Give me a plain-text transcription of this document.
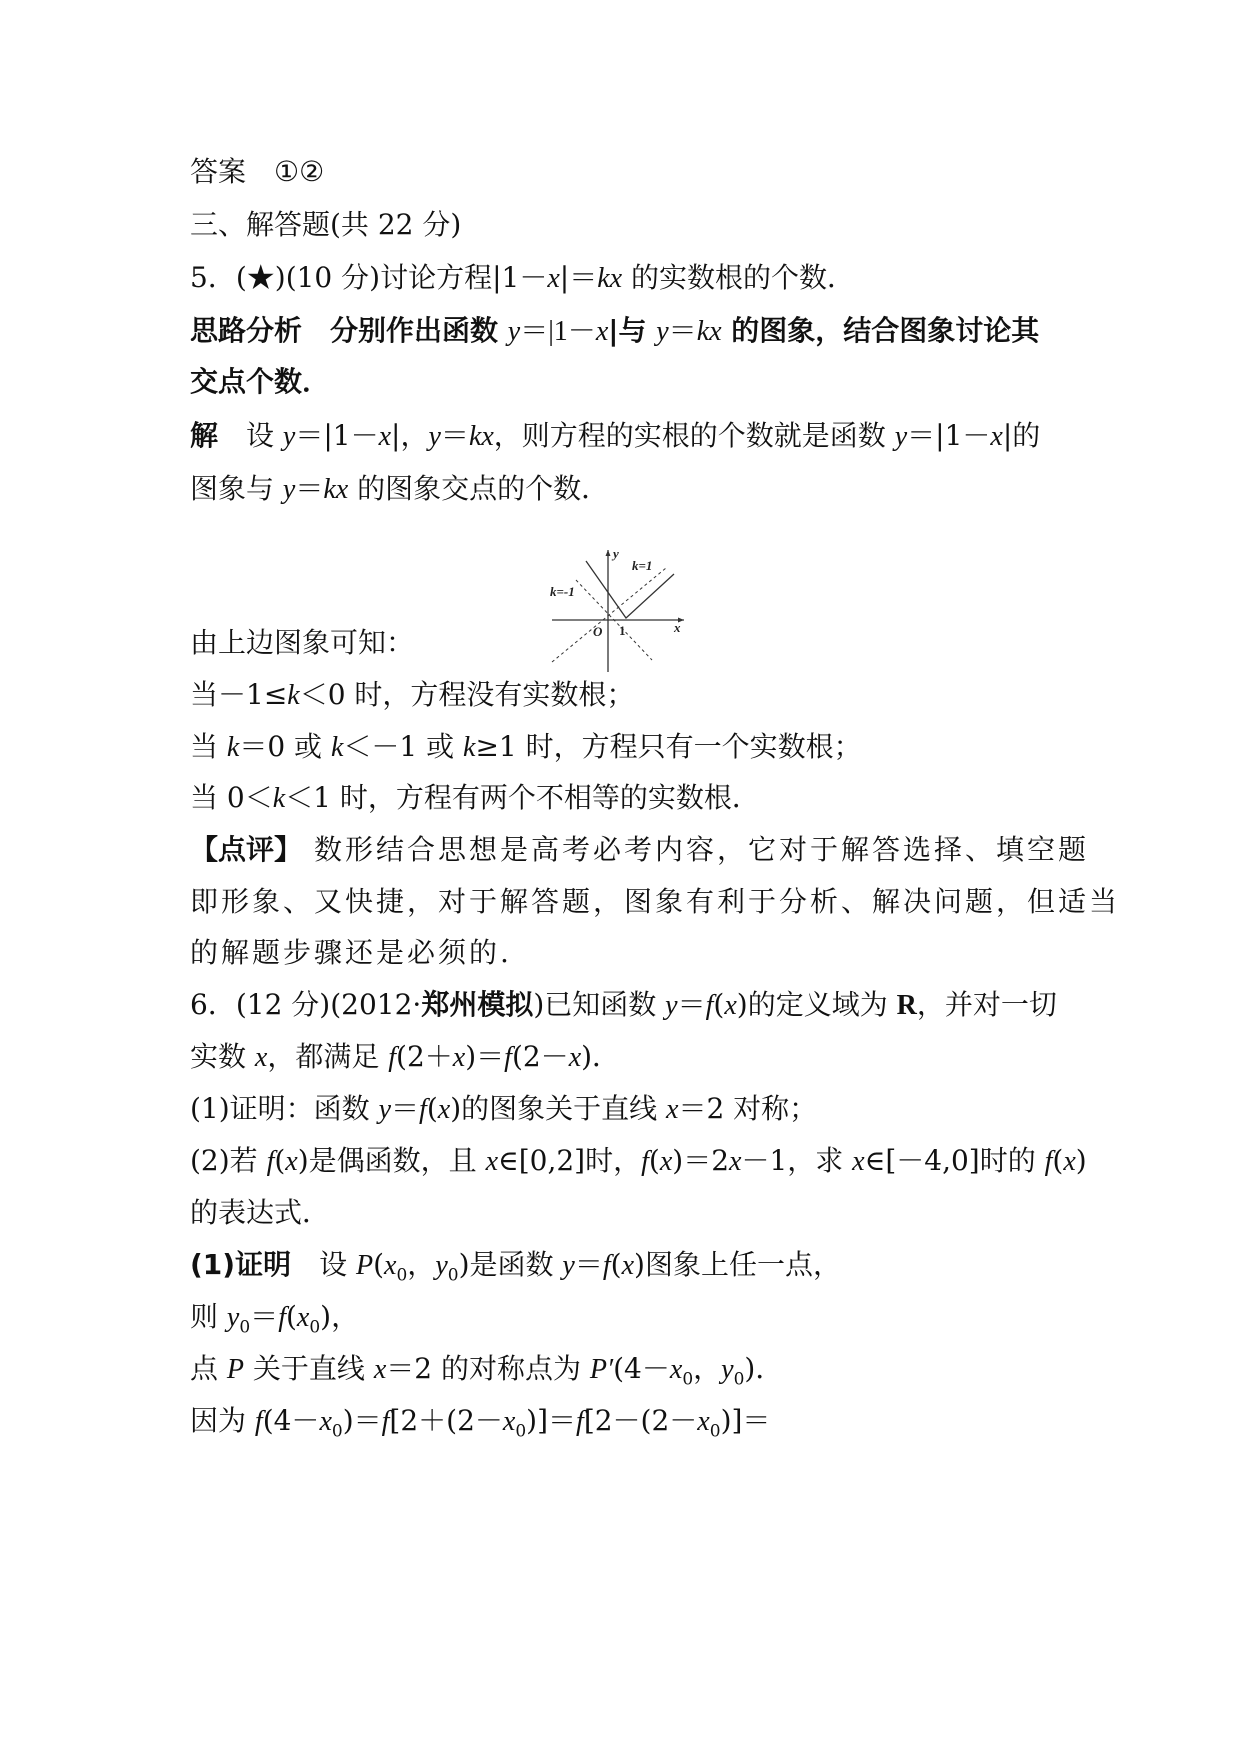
答案 ①②
三、解答题(共 22 分)
5．(★)(10 分)讨论方程|1－x|＝kx 的实数根的个数．
思路分析 分别作出函数 y＝|1－x|与 y＝kx 的图象，结合图象讨论其
交点个数．
解 设 y＝|1－x|，y＝kx，则方程的实根的个数就是函数 y＝|1－x|的
图象与 y＝kx 的图象交点的个数．
y
x
k=1
k=-1
O 1
由上边图象可知：
当－1≤k＜0 时，方程没有实数根；
当 k＝0 或 k＜－1 或 k≥1 时，方程只有一个实数根；
当 0＜k＜1 时，方程有两个不相等的实数根．
【点评】 数形结合思想是高考必考内容，它对于解答选择、填空题
即形象、又快捷，对于解答题，图象有利于分析、解决问题，但适当
的解题步骤还是必须的.
6．(12 分)(2012·郑州模拟)已知函数 y＝f(x)的定义域为 R，并对一切
实数 x，都满足 f(2＋x)＝f(2－x)．
(1)证明：函数 y＝f(x)的图象关于直线 x＝2 对称；
(2)若 f(x)是偶函数，且 x∈[0,2]时，f(x)＝2x－1，求 x∈[－4,0]时的 f(x)
的表达式．
(1)证明 设 $P(x_0$，$y_0$)是函数 y＝f(x)图象上任一点，
则 $y_0=f(x_0)$，
点 P 关于直线 x＝2 的对称点为 $P'(4-x_0$，$y_0$)．
因为 $f(4-x_0)=f[2+(2-x_0)]=f[2-(2-x_0)]=$
